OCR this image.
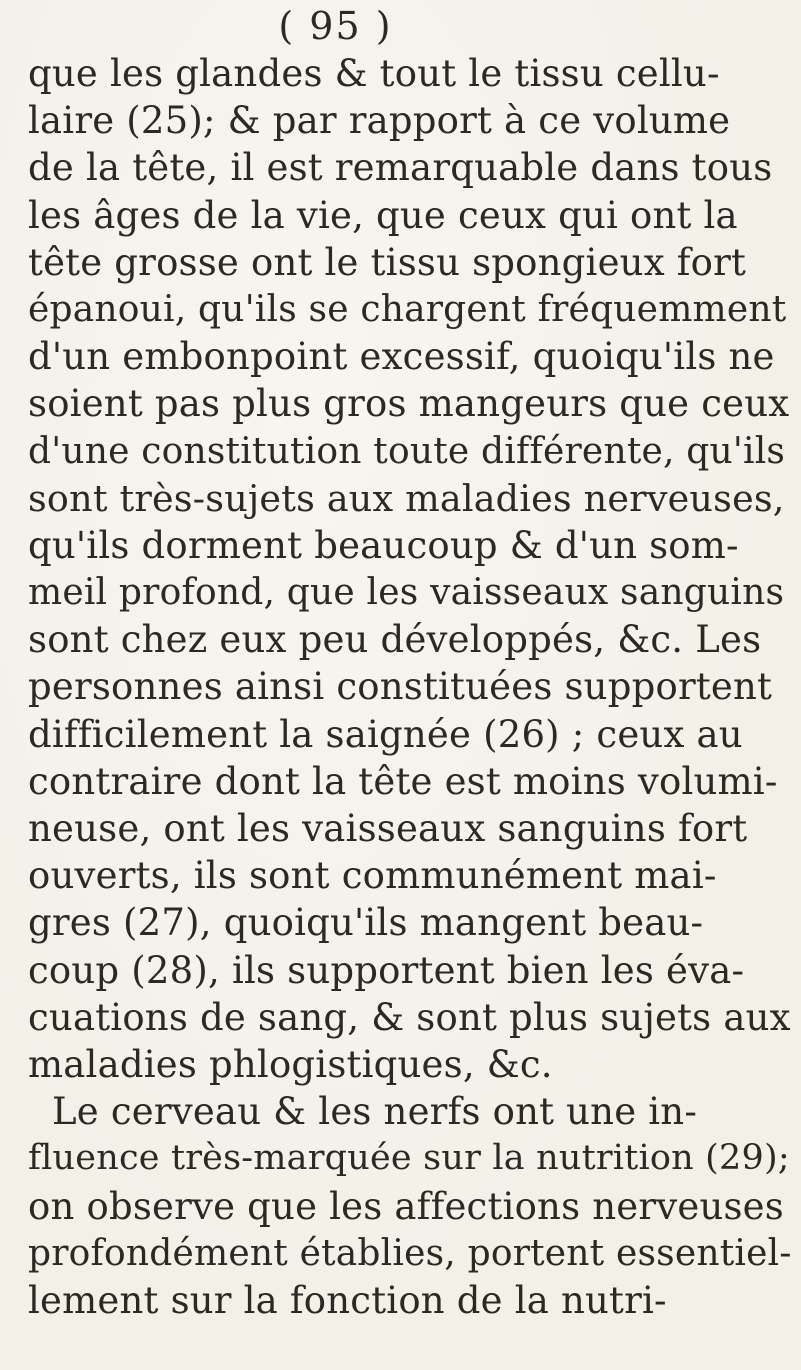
( 95 )
que les glandes & tout le tissu cellu-
laire (25); & par rapport à ce volume
de la tête, il est remarquable dans tous
les âges de la vie, que ceux qui ont la
tête grosse ont le tissu spongieux fort
épanoui, qu'ils se chargent fréquemment
d'un embonpoint excessif, quoiqu'ils ne
soient pas plus gros mangeurs que ceux
d'une constitution toute différente, qu'ils
sont très-sujets aux maladies nerveuses,
qu'ils dorment beaucoup & d'un som-
meil profond, que les vaisseaux sanguins
sont chez eux peu développés, &c. Les
personnes ainsi constituées supportent
difficilement la saignée (26) ; ceux au
contraire dont la tête est moins volumi-
neuse, ont les vaisseaux sanguins fort
ouverts, ils sont communément mai-
gres (27), quoiqu'ils mangent beau-
coup (28), ils supportent bien les éva-
cuations de sang, & sont plus sujets aux
maladies phlogistiques, &c.
Le cerveau & les nerfs ont une in-
fluence très-marquée sur la nutrition (29);
on observe que les affections nerveuses
profondément établies, portent essentiel-
lement sur la fonction de la nutri-
